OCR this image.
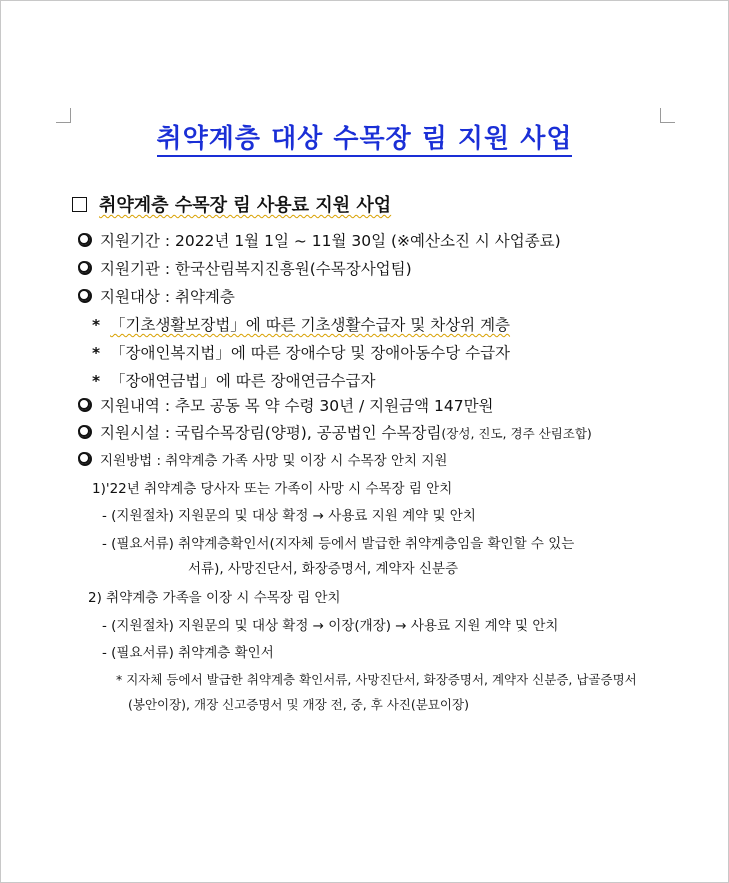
취약계층 대상 수목장 림 지원 사업
취약계층 수목장 림 사용료 지원 사업
지원기간 : 2022년 1월 1일 ~ 11월 30일 (※예산소진 시 사업종료)
지원기관 : 한국산림복지진흥원(수목장사업팀)
지원대상 : 취약계층
* 「기초생활보장법」에 따른 기초생활수급자 및 차상위 계층
* 「장애인복지법」에 따른 장애수당 및 장애아동수당 수급자
* 「장애연금법」에 따른 장애연금수급자
지원내역 : 추모 공동 목 약 수령 30년 / 지원금액 147만원
지원시설 : 국립수목장림(양평), 공공법인 수목장림(장성, 진도, 경주 산림조합)
지원방법 : 취약계층 가족 사망 및 이장 시 수목장 안치 지원
1)'22년 취약계층 당사자 또는 가족이 사망 시 수목장 림 안치
- (지원절차) 지원문의 및 대상 확정 → 사용료 지원 계약 및 안치
- (필요서류) 취약계층확인서(지자체 등에서 발급한 취약계층임을 확인할 수 있는
서류), 사망진단서, 화장증명서, 계약자 신분증
2) 취약계층 가족을 이장 시 수목장 림 안치
- (지원절차) 지원문의 및 대상 확정 → 이장(개장) → 사용료 지원 계약 및 안치
- (필요서류) 취약계층 확인서
* 지자체 등에서 발급한 취약계층 확인서류, 사망진단서, 화장증명서, 계약자 신분증, 납골증명서
(봉안이장), 개장 신고증명서 및 개장 전, 중, 후 사진(분묘이장)
